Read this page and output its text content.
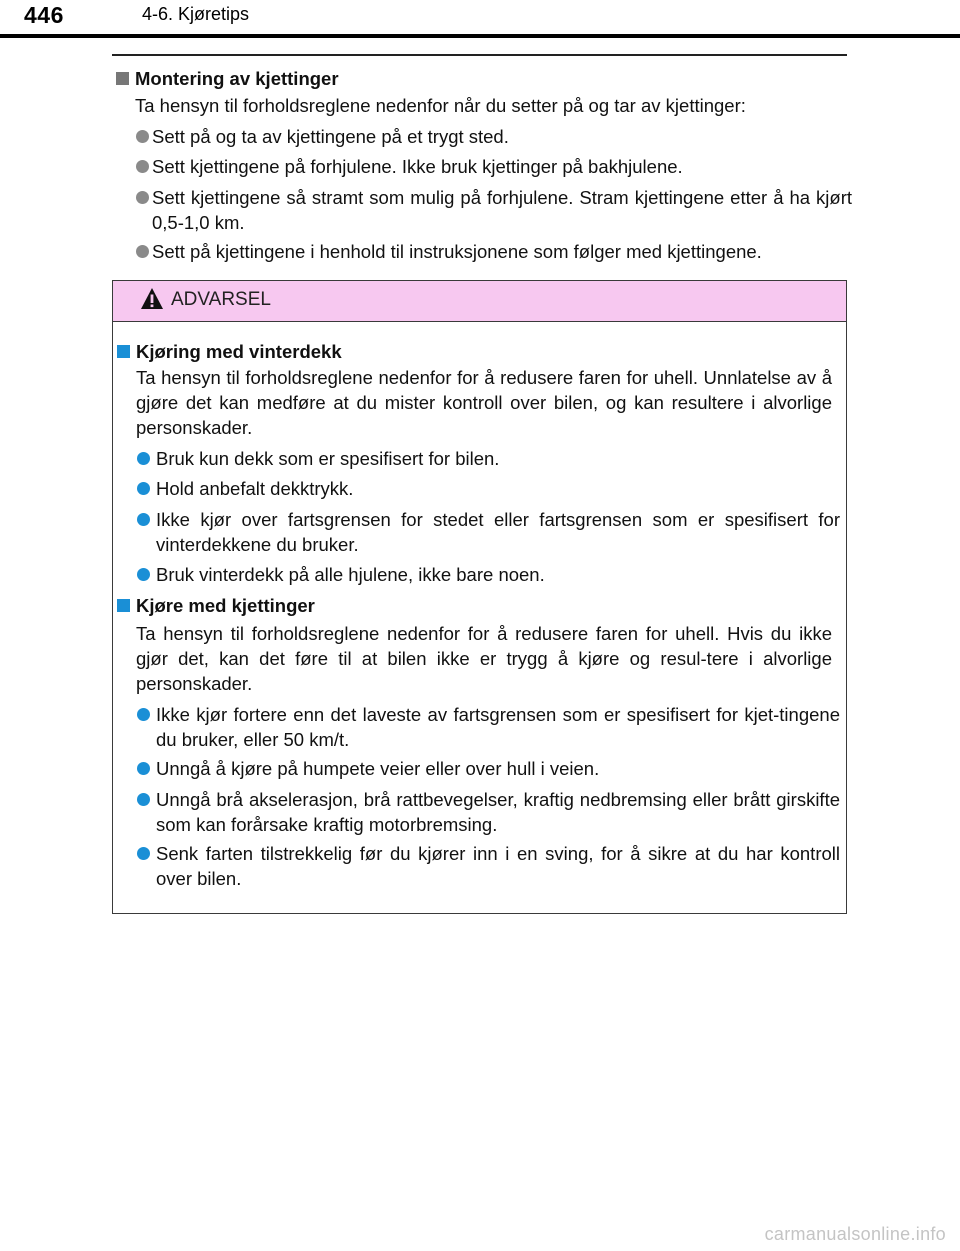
446	4-6. Kjøretips
Montering av kjettinger
Ta hensyn til forholdsreglene nedenfor når du setter på og tar av kjettinger:
Sett på og ta av kjettingene på et trygt sted.
Sett kjettingene på forhjulene. Ikke bruk kjettinger på bakhjulene.
Sett kjettingene så stramt som mulig på forhjulene. Stram kjettingene etter å ha kjørt 0,5-1,0 km.
Sett på kjettingene i henhold til instruksjonene som følger med kjettingene.
ADVARSEL
Kjøring med vinterdekk
Ta hensyn til forholdsreglene nedenfor for å redusere faren for uhell. Unnlatelse av å gjøre det kan medføre at du mister kontroll over bilen, og kan resultere i alvorlige personskader.
Bruk kun dekk som er spesifisert for bilen.
Hold anbefalt dekktrykk.
Ikke kjør over fartsgrensen for stedet eller fartsgrensen som er spesifisert for vinterdekkene du bruker.
Bruk vinterdekk på alle hjulene, ikke bare noen.
Kjøre med kjettinger
Ta hensyn til forholdsreglene nedenfor for å redusere faren for uhell. Hvis du ikke gjør det, kan det føre til at bilen ikke er trygg å kjøre og resul-tere i alvorlige personskader.
Ikke kjør fortere enn det laveste av fartsgrensen som er spesifisert for kjet-tingene du bruker, eller 50 km/t.
Unngå å kjøre på humpete veier eller over hull i veien.
Unngå brå akselerasjon, brå rattbevegelser, kraftig nedbremsing eller brått girskifte som kan forårsake kraftig motorbremsing.
Senk farten tilstrekkelig før du kjører inn i en sving, for å sikre at du har kontroll over bilen.
carmanualsonline.info
